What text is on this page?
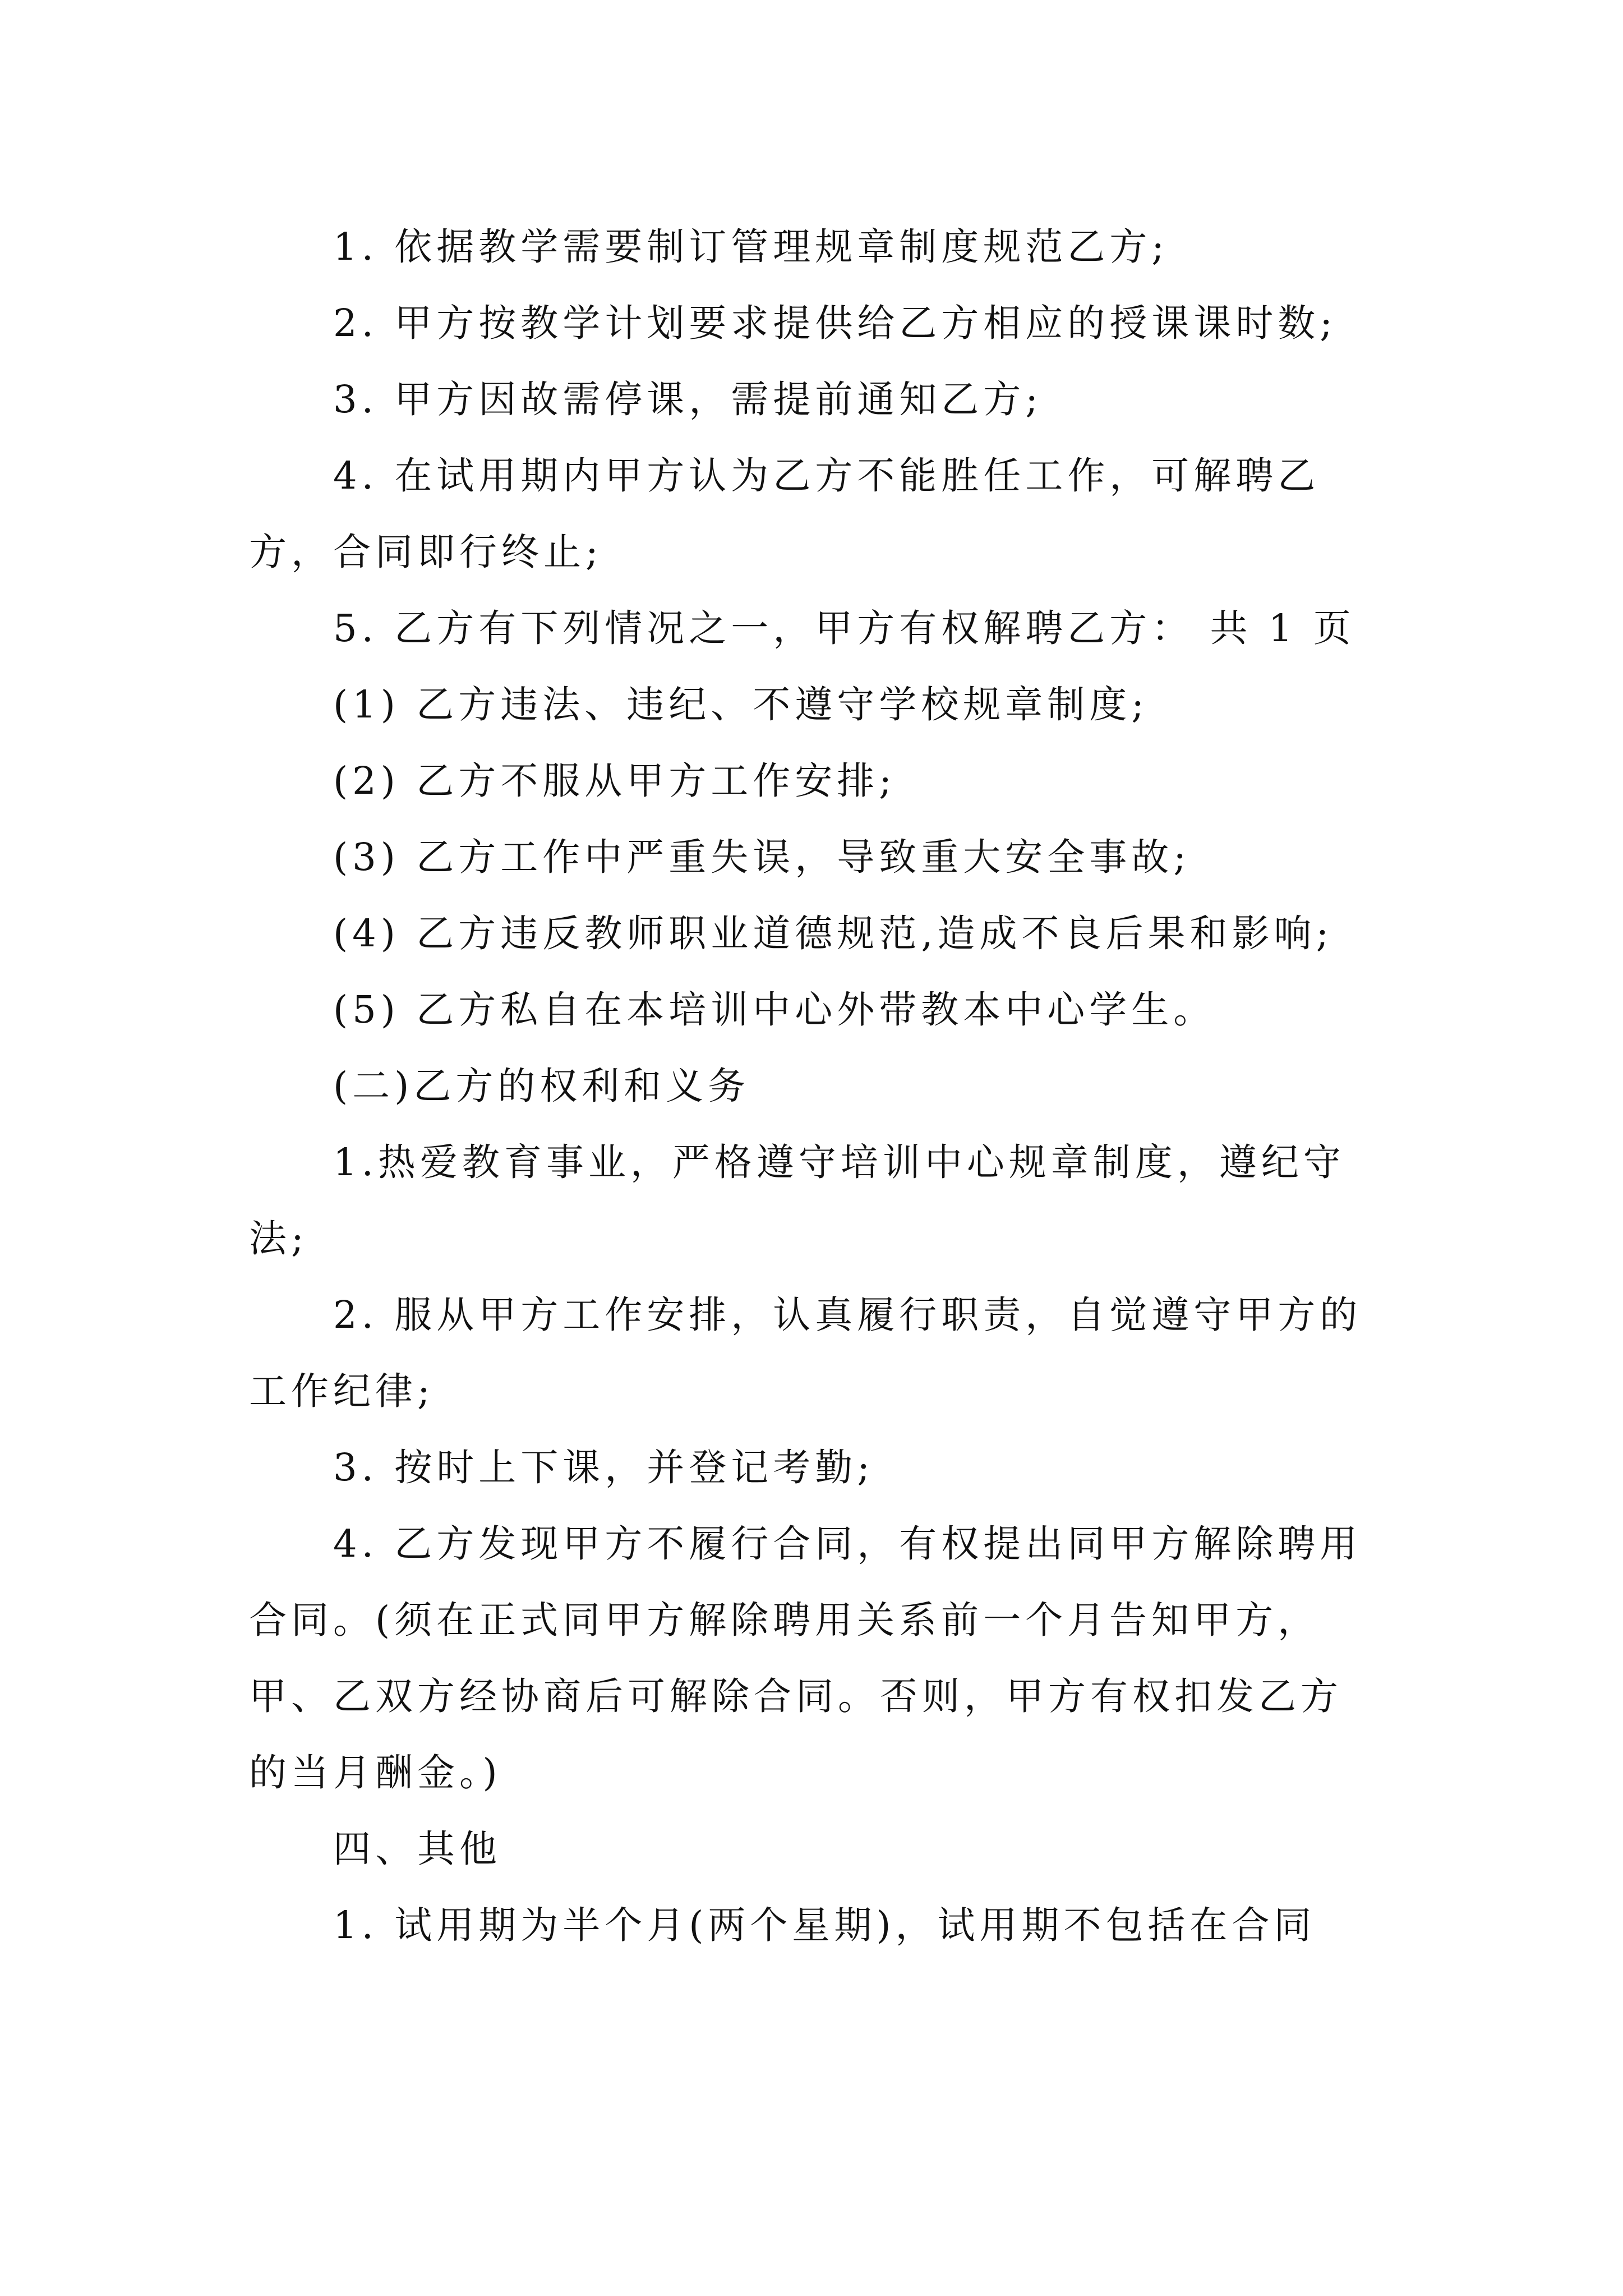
1. 依据教学需要制订管理规章制度规范乙方;

2. 甲方按教学计划要求提供给乙方相应的授课课时数;

3. 甲方因故需停课，需提前通知乙方;

4. 在试用期内甲方认为乙方不能胜任工作，可解聘乙方，合同即行终止;

5. 乙方有下列情况之一，甲方有权解聘乙方： 共 1 页

(1) 乙方违法、违纪、不遵守学校规章制度;

(2) 乙方不服从甲方工作安排;

(3) 乙方工作中严重失误，导致重大安全事故;

(4) 乙方违反教师职业道德规范,造成不良后果和影响;

(5) 乙方私自在本培训中心外带教本中心学生。

(二)乙方的权利和义务

1.热爱教育事业，严格遵守培训中心规章制度，遵纪守法;

2. 服从甲方工作安排，认真履行职责，自觉遵守甲方的工作纪律;

3. 按时上下课，并登记考勤;

4. 乙方发现甲方不履行合同，有权提出同甲方解除聘用合同。(须在正式同甲方解除聘用关系前一个月告知甲方，甲、乙双方经协商后可解除合同。否则，甲方有权扣发乙方的当月酬金。)

四、其他

1. 试用期为半个月(两个星期)，试用期不包括在合同
